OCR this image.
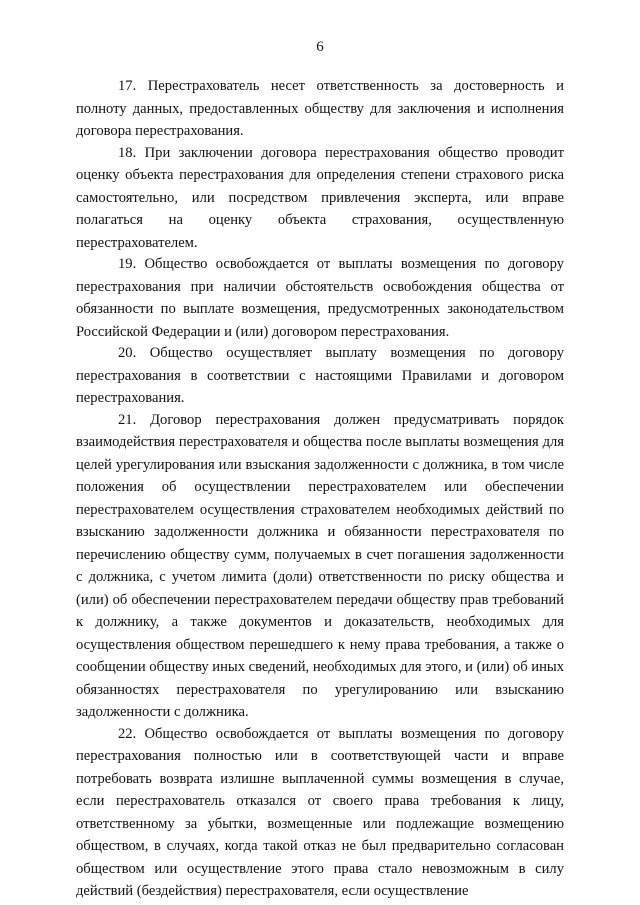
6

17. Перестрахователь несет ответственность за достоверность и полноту данных, предоставленных обществу для заключения и исполнения договора перестрахования.

18. При заключении договора перестрахования общество проводит оценку объекта перестрахования для определения степени страхового риска самостоятельно, или посредством привлечения эксперта, или вправе полагаться на оценку объекта страхования, осуществленную перестрахователем.

19. Общество освобождается от выплаты возмещения по договору перестрахования при наличии обстоятельств освобождения общества от обязанности по выплате возмещения, предусмотренных законодательством Российской Федерации и (или) договором перестрахования.

20. Общество осуществляет выплату возмещения по договору перестрахования в соответствии с настоящими Правилами и договором перестрахования.

21. Договор перестрахования должен предусматривать порядок взаимодействия перестрахователя и общества после выплаты возмещения для целей урегулирования или взыскания задолженности с должника, в том числе положения об осуществлении перестрахователем или обеспечении перестрахователем осуществления страхователем необходимых действий по взысканию задолженности должника и обязанности перестрахователя по перечислению обществу сумм, получаемых в счет погашения задолженности с должника, с учетом лимита (доли) ответственности по риску общества и (или) об обеспечении перестрахователем передачи обществу прав требований к должнику, а также документов и доказательств, необходимых для осуществления обществом перешедшего к нему права требования, а также о сообщении обществу иных сведений, необходимых для этого, и (или) об иных обязанностях перестрахователя по урегулированию или взысканию задолженности с должника.

22. Общество освобождается от выплаты возмещения по договору перестрахования полностью или в соответствующей части и вправе потребовать возврата излишне выплаченной суммы возмещения в случае, если перестрахователь отказался от своего права требования к лицу, ответственному за убытки, возмещенные или подлежащие возмещению обществом, в случаях, когда такой отказ не был предварительно согласован обществом или осуществление этого права стало невозможным в силу действий (бездействия) перестрахователя, если осуществление
